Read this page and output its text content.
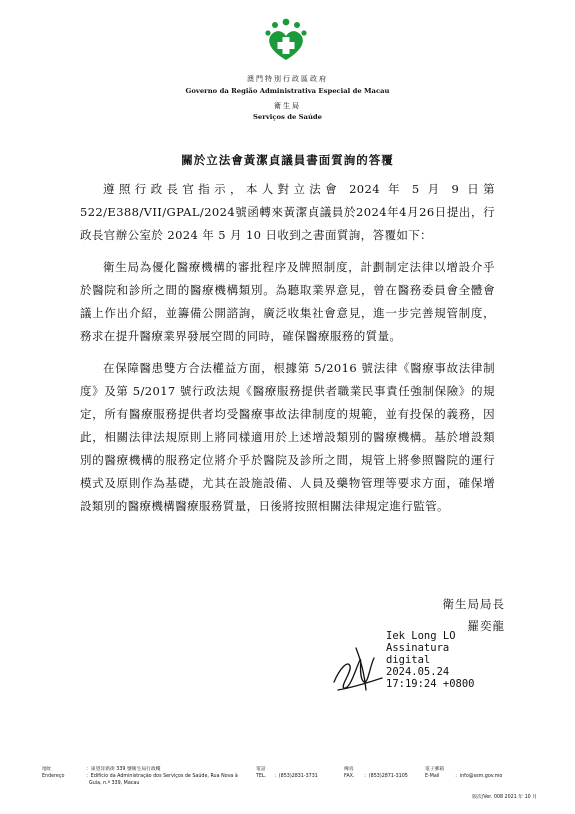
澳門特別行政區政府
Governo da Região Administrativa Especial de Macau
衛生局
Serviços de Saúde
關於立法會黃潔貞議員書面質詢的答覆

遵照行政長官指示，本人對立法會 2024 年 5 月 9 日第 522/E388/VII/GPAL/2024號函轉來黃潔貞議員於2024年4月26日提出，行政長官辦公室於 2024 年 5 月 10 日收到之書面質詢，答覆如下：

衛生局為優化醫療機構的審批程序及牌照制度，計劃制定法律以增設介乎於醫院和診所之間的醫療機構類別。為聽取業界意見，曾在醫務委員會全體會議上作出介紹，並籌備公開諮詢，廣泛收集社會意見，進一步完善規管制度，務求在提升醫療業界發展空間的同時，確保醫療服務的質量。

在保障醫患雙方合法權益方面，根據第 5/2016 號法律《醫療事故法律制度》及第 5/2017 號行政法規《醫療服務提供者職業民事責任強制保險》的規定，所有醫療服務提供者均受醫療事故法律制度的規範，並有投保的義務，因此，相關法律法規原則上將同樣適用於上述增設類別的醫療機構。基於增設類別的醫療機構的服務定位將介乎於醫院及診所之間，規管上將參照醫院的運行模式及原則作為基礎，尤其在設施設備、人員及藥物管理等要求方面，確保增設類別的醫療機構醫療服務質量，日後將按照相關法律規定進行監管。

衛生局局長
羅奕龍
Iek Long LO
Assinatura
digital
2024.05.24
17:19:24 +0800
地址
Endereço
：東望洋新街 339 號衛生局行政樓
：Edifício da Administração dos Serviços de Saúde, Rua Nova à
Guia, n.º 339, Macau
電話
TEL. ：(853)2831-3731
傳真
FAX. ：(853)2871-3105
電子郵箱
E-Mail	：info@ssm.gov.mo
版次/Ver. 008 2021 年 10 月
